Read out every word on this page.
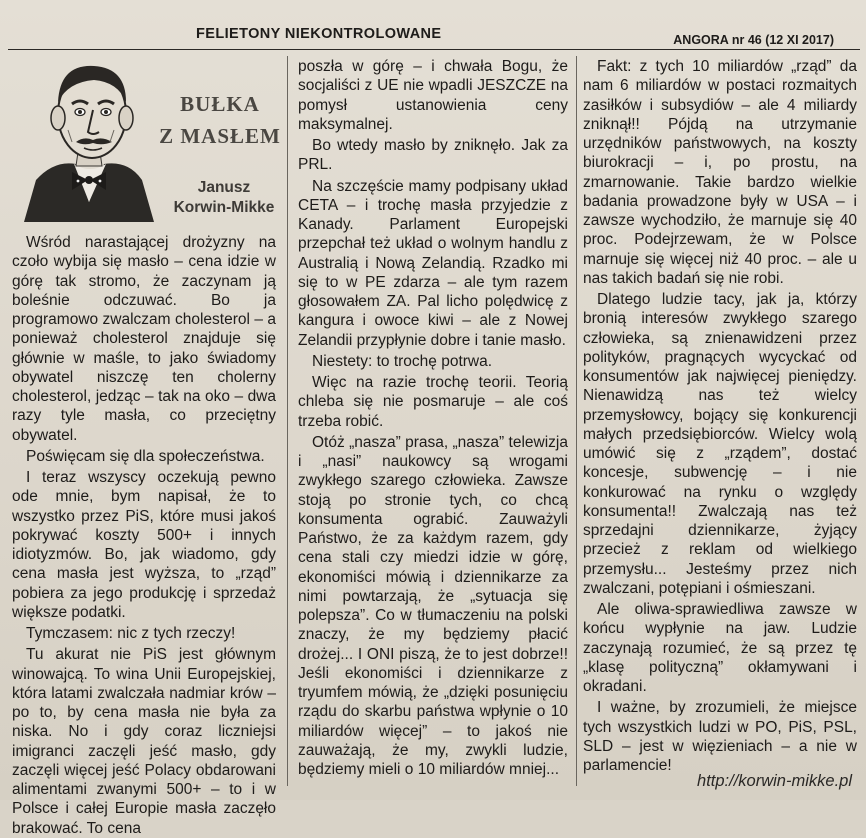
FELIETONY NIEKONTROLOWANE	ANGORA nr 46 (12 XI 2017)
BUŁKA
Z MASŁEM
Janusz
Korwin-Mikke

Wśród narastającej drożyzny na czoło wybija się masło – cena idzie w górę tak stromo, że zaczynam ją boleśnie odczuwać. Bo ja programowo zwalczam cholesterol – a ponieważ cholesterol znajduje się głównie w maśle, to jako świadomy obywatel niszczę ten cholerny cholesterol, jedząc – tak na oko – dwa razy tyle masła, co przeciętny obywatel.

Poświęcam się dla społeczeństwa.

I teraz wszyscy oczekują pewno ode mnie, bym napisał, że to wszystko przez PiS, które musi jakoś pokrywać koszty 500+ i innych idiotyzmów. Bo, jak wiadomo, gdy cena masła jest wyższa, to „rząd” pobiera za jego produkcję i sprzedaż większe podatki.

Tymczasem: nic z tych rzeczy!

Tu akurat nie PiS jest głównym winowajcą. To wina Unii Europejskiej, która latami zwalczała nadmiar krów – po to, by cena masła nie była za niska. No i gdy coraz liczniejsi imigranci zaczęli jeść masło, gdy zaczęli więcej jeść Polacy obdarowani alimentami zwanymi 500+ – to i w Polsce i całej Europie masła zaczęło brakować. To cena

poszła w górę – i chwała Bogu, że socjaliści z UE nie wpadli JESZCZE na pomysł ustanowienia ceny maksymalnej.

Bo wtedy masło by zniknęło. Jak za PRL.

Na szczęście mamy podpisany układ CETA – i trochę masła przyjedzie z Kanady. Parlament Europejski przepchał też układ o wolnym handlu z Australią i Nową Zelandią. Rzadko mi się to w PE zdarza – ale tym razem głosowałem ZA. Pal licho polędwicę z kangura i owoce kiwi – ale z Nowej Zelandii przypłynie dobre i tanie masło.

Niestety: to trochę potrwa.

Więc na razie trochę teorii. Teorią chleba się nie posmaruje – ale coś trzeba robić.

Otóż „nasza” prasa, „nasza” telewizja i „nasi” naukowcy są wrogami zwykłego szarego człowieka. Zawsze stoją po stronie tych, co chcą konsumenta ograbić. Zauważyli Państwo, że za każdym razem, gdy cena stali czy miedzi idzie w górę, ekonomiści mówią i dziennikarze za nimi powtarzają, że „sytuacja się polepsza”. Co w tłumaczeniu na polski znaczy, że my będziemy płacić drożej... I ONI piszą, że to jest dobrze!! Jeśli ekonomiści i dziennikarze z tryumfem mówią, że „dzięki posunięciu rządu do skarbu państwa wpłynie o 10 miliardów więcej” – to jakoś nie zauważają, że my, zwykli ludzie, będziemy mieli o 10 miliardów mniej...

Fakt: z tych 10 miliardów „rząd” da nam 6 miliardów w postaci rozmaitych zasiłków i subsydiów – ale 4 miliardy zniknął!! Pójdą na utrzymanie urzędników państwowych, na koszty biurokracji – i, po prostu, na zmarnowanie. Takie bardzo wielkie badania prowadzone były w USA – i zawsze wychodziło, że marnuje się 40 proc. Podejrzewam, że w Polsce marnuje się więcej niż 40 proc. – ale u nas takich badań się nie robi.

Dlatego ludzie tacy, jak ja, którzy bronią interesów zwykłego szarego człowieka, są znienawidzeni przez polityków, pragnących wycyckać od konsumentów jak najwięcej pieniędzy. Nienawidzą nas też wielcy przemysłowcy, bojący się konkurencji małych przedsiębiorców. Wielcy wolą umówić się z „rządem”, dostać koncesje, subwencję – i nie konkurować na rynku o względy konsumenta!! Zwalczają nas też sprzedajni dziennikarze, żyjący przecież z reklam od wielkiego przemysłu... Jesteśmy przez nich zwalczani, potępiani i ośmieszani.

Ale oliwa-sprawiedliwa zawsze w końcu wypłynie na jaw. Ludzie zaczynają rozumieć, że są przez tę „klasę polityczną” okłamywani i okradani.

I ważne, by zrozumieli, że miejsce tych wszystkich ludzi w PO, PiS, PSL, SLD – jest w więzieniach – a nie w parlamencie!

http://korwin-mikke.pl
